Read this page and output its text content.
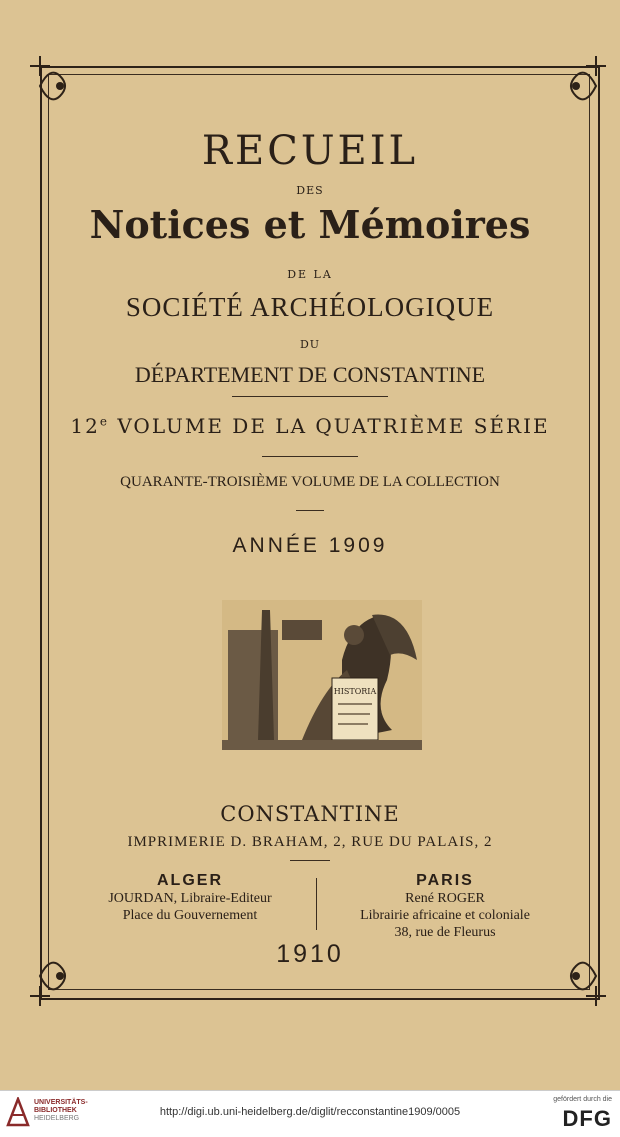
RECUEIL
DES
Notices et Mémoires
DE LA
SOCIÉTÉ ARCHÉOLOGIQUE
DU
DÉPARTEMENT DE CONSTANTINE
12e VOLUME DE LA QUATRIÈME SÉRIE
QUARANTE-TROISIÈME VOLUME DE LA COLLECTION
ANNÉE 1909
HISTORIA
CONSTANTINE
IMPRIMERIE D. BRAHAM, 2, RUE DU PALAIS, 2
ALGER
JOURDAN, Libraire-Editeur
Place du Gouvernement
PARIS
René ROGER
Librairie africaine et coloniale
38, rue de Fleurus
1910
UNIVERSITÄTS-
BIBLIOTHEK
HEIDELBERG
http://digi.ub.uni-heidelberg.de/diglit/recconstantine1909/0005
gefördert durch die
DFG
